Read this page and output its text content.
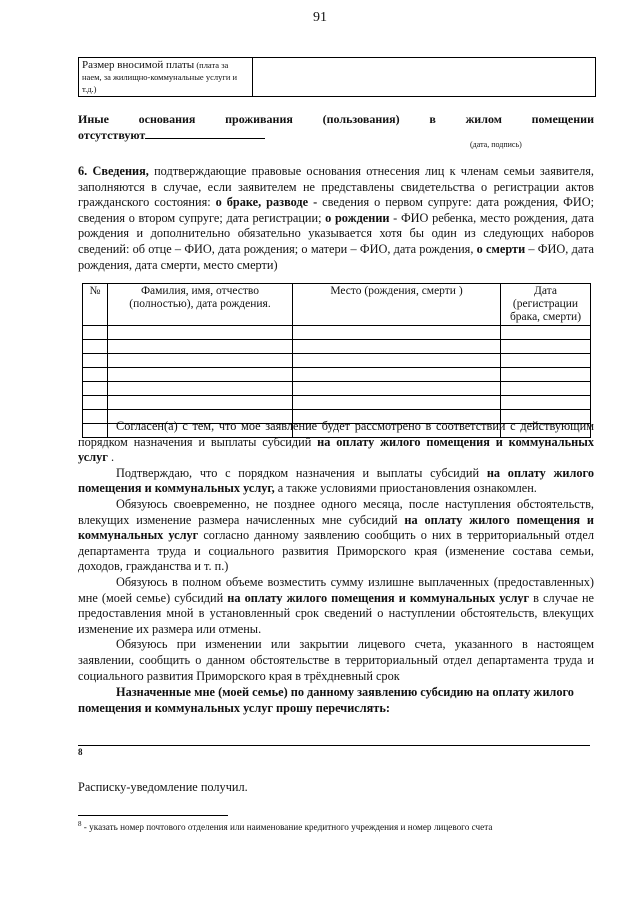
91
Размер вносимой платы (плата за наем, за жилищно-коммунальные услуги и т.д.)
Иные основания проживания (пользования) в жилом помещении
отсутствуют
(дата, подпись)
6. Сведения, подтверждающие правовые основания отнесения лиц к членам семьи заявителя, заполняются в случае, если заявителем не представлены свидетельства о регистрации актов гражданского состояния: о браке, разводе - сведения о первом супруге: дата рождения, ФИО; сведения о втором супруге; дата регистрации; о рождении - ФИО ребенка, место рождения, дата рождения и дополнительно обязательно указывается хотя бы один из следующих наборов сведений: об отце – ФИО, дата рождения; о матери – ФИО, дата рождения, о смерти – ФИО, дата рождения, дата смерти, место смерти)
№	Фамилия, имя, отчество (полностью), дата рождения.	Место (рождения, смерти )	Дата (регистрации брака, смерти)

Согласен(а) с тем, что мое заявление будет рассмотрено в соответствии с действующим порядком назначения и выплаты субсидий на оплату жилого помещения и коммунальных услуг .

Подтверждаю, что с порядком назначения и выплаты субсидий на оплату жилого помещения и коммунальных услуг, а также условиями приостановления ознакомлен.

Обязуюсь своевременно, не позднее одного месяца, после наступления обстоятельств, влекущих изменение размера начисленных мне субсидий на оплату жилого помещения и коммунальных услуг согласно данному заявлению сообщить о них в территориальный отдел департамента труда и социального развития Приморского края (изменение состава семьи, доходов, гражданства и т. п.)

Обязуюсь в полном объеме возместить сумму излишне выплаченных (предоставленных) мне (моей семье) субсидий на оплату жилого помещения и коммунальных услуг в случае не предоставления мной в установленный срок сведений о наступлении обстоятельств, влекущих изменение их размера или отмены.

Обязуюсь при изменении или закрытии лицевого счета, указанного в настоящем заявлении, сообщить о данном обстоятельстве в территориальный отдел департамента труда и социального развития Приморского края в трёхдневный срок

Назначенные мне (моей семье) по данному заявлению субсидию на оплату жилого помещения и коммунальных услуг прошу перечислять:
8
Расписку-уведомление получил.
$^8$ - указать номер почтового отделения или наименование кредитного учреждения и номер лицевого счета
